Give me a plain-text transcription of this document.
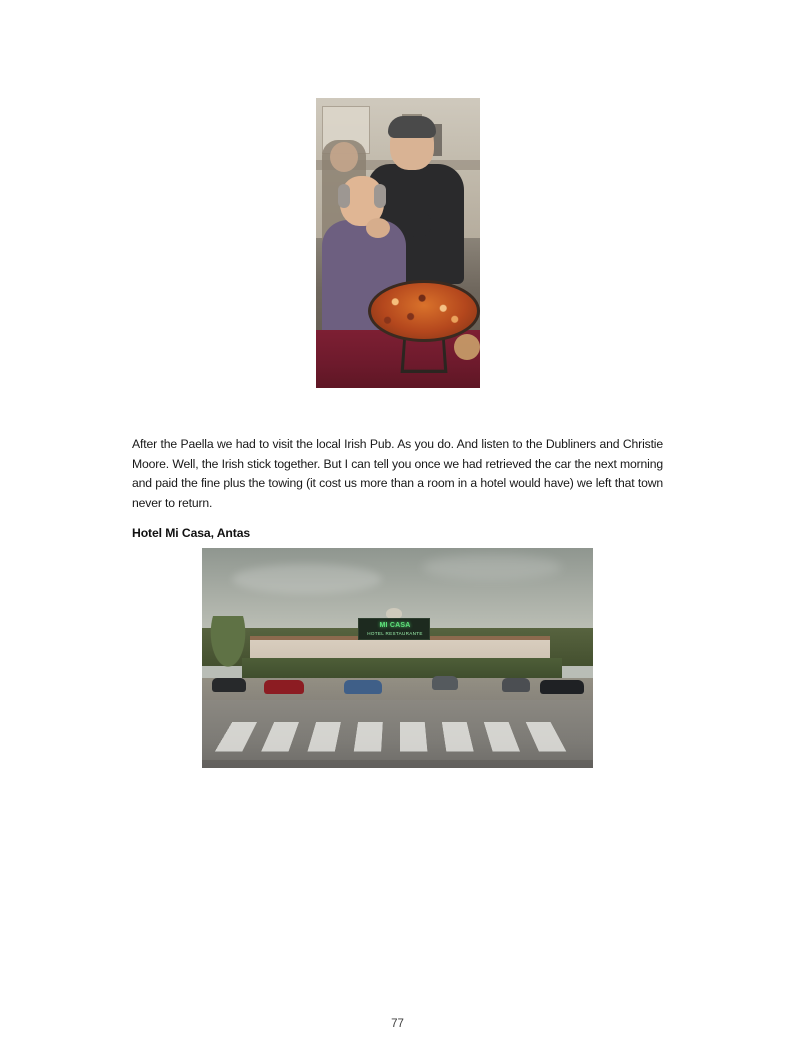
After the Paella we had to visit the local Irish Pub. As you do. And listen to the Dubliners and Christie Moore. Well, the Irish stick together. But I can tell you once we had retrieved the car the next morning and paid the fine plus the towing (it cost us more than a room in a hotel would have) we left that town never to return.

Hotel Mi Casa, Antas
MI CASA
HOTEL RESTAURANTE
77
